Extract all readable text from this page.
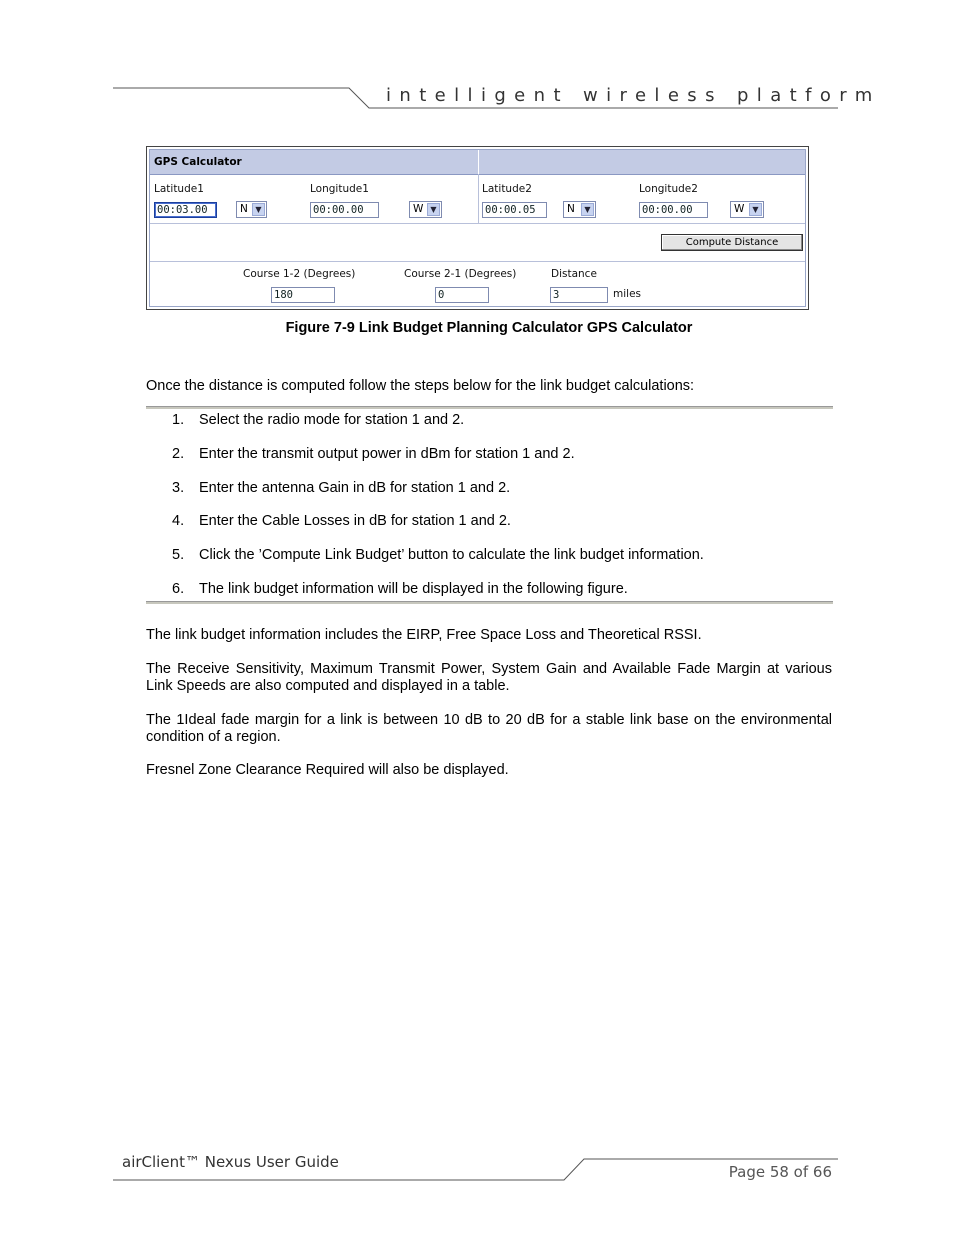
intelligent wireless platform
GPS Calculator
Latitude1
00:03.00	N ▼
Longitude1
00:00.00	W ▼
Latitude2
00:00.05	N	▼
Longitude2
00:00.00	W	▼
Compute Distance
Course 1-2 (Degrees)
180
Course 2-1 (Degrees)
0
Distance
3	miles
Figure 7-9 Link Budget Planning Calculator GPS Calculator
Once the distance is computed follow the steps below for the link budget calculations:
1. Select the radio mode for station 1 and 2.
2. Enter the transmit output power in dBm for station 1 and 2.
3. Enter the antenna Gain in dB for station 1 and 2.
4. Enter the Cable Losses in dB for station 1 and 2.
5. Click the ’Compute Link Budget’ button to calculate the link budget information.
6. The link budget information will be displayed in the following figure.
The link budget information includes the EIRP, Free Space Loss and Theoretical RSSI.
The Receive Sensitivity, Maximum Transmit Power, System Gain and Available Fade Margin at various Link Speeds are also computed and displayed in a table.
The 1Ideal fade margin for a link is between 10 dB to 20 dB for a stable link base on the environmental condition of a region.
Fresnel Zone Clearance Required will also be displayed.
airClient™ Nexus User Guide
Page 58 of 66
